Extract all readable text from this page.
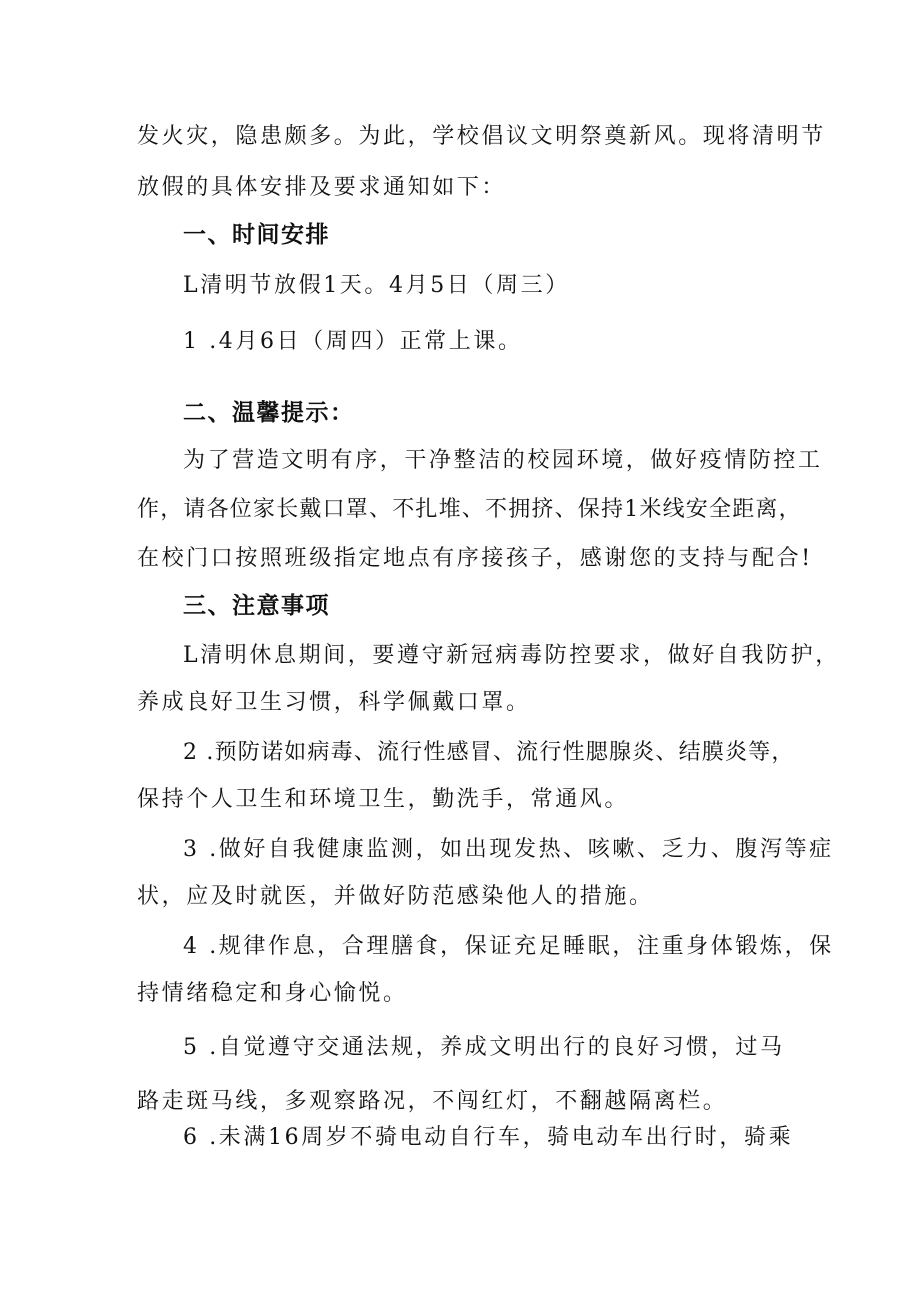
发火灾，隐患颇多。为此，学校倡议文明祭奠新风。现将清明节
放假的具体安排及要求通知如下：
一、时间安排
L清明节放假1天。4月5日（周三）
1 .4月6日（周四）正常上课。
二、温馨提示：
为了营造文明有序，干净整洁的校园环境，做好疫情防控工
作，请各位家长戴口罩、不扎堆、不拥挤、保持1米线安全距离，
在校门口按照班级指定地点有序接孩子，感谢您的支持与配合!
三、注意事项
L清明休息期间，要遵守新冠病毒防控要求，做好自我防护，
养成良好卫生习惯，科学佩戴口罩。
2 .预防诺如病毒、流行性感冒、流行性腮腺炎、结膜炎等，
保持个人卫生和环境卫生，勤洗手，常通风。
3 .做好自我健康监测，如出现发热、咳嗽、乏力、腹泻等症
状，应及时就医，并做好防范感染他人的措施。
4 .规律作息，合理膳食，保证充足睡眠，注重身体锻炼，保
持情绪稳定和身心愉悦。
5 .自觉遵守交通法规，养成文明出行的良好习惯，过马
路走斑马线，多观察路况，不闯红灯，不翻越隔离栏。
6 .未满16周岁不骑电动自行车，骑电动车出行时，骑乘
